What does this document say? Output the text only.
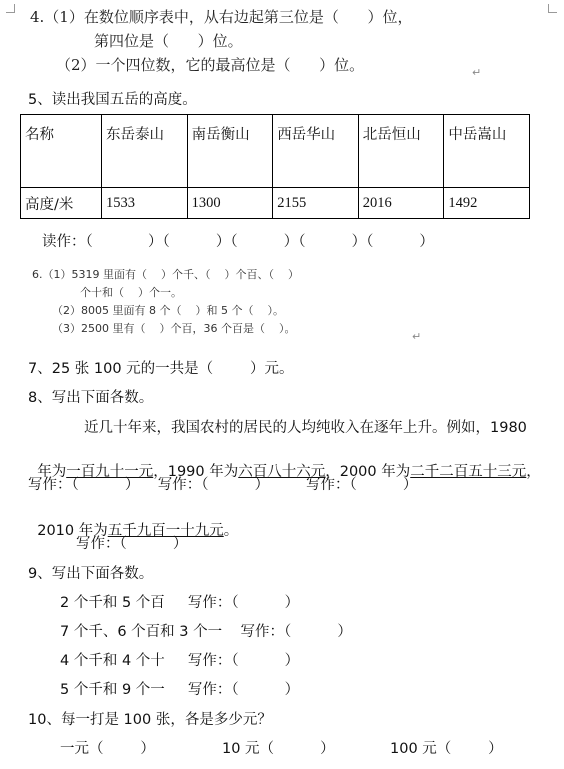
4.（1）在数位顺序表中，从右边起第三位是（      ）位，
第四位是（      ）位。
（2）一个四位数，它的最高位是（      ）位。	↵
5、读出我国五岳的高度。
名称	东岳泰山	南岳衡山	西岳华山	北岳恒山	中岳嵩山
高度/米	1533	1300	2155	2016	1492
读作：（            ）（          ）（          ）（          ）（          ）
6.（1）5319 里面有（    ）个千、（    ）个百、（    ）
个十和（    ）个一。
（2）8005 里面有 8 个（    ）和 5 个（    ）。
（3）2500 里有（    ）个百，36 个百是（    ）。
↵
7、25 张 100 元的一共是（        ）元。
8、写出下面各数。
近几十年来，我国农村的居民的人均纯收入在逐年上升。例如，1980

年为一百九十一元，1990 年为六百八十六元，2000 年为二千二百五十三元，

写作：（          ）    写作：（          ）        写作：（          ）

2010 年为五千九百一十九元。

写作：（          ）
9、写出下面各数。
2 个千和 5 个百     写作：（          ）
7 个千、6 个百和 3 个一    写作：（          ）
4 个千和 4 个十     写作：（          ）
5 个千和 9 个一     写作：（          ）
10、每一打是 100 张，各是多少元？
一元（        ）	10 元（          ）	100 元（        ）
